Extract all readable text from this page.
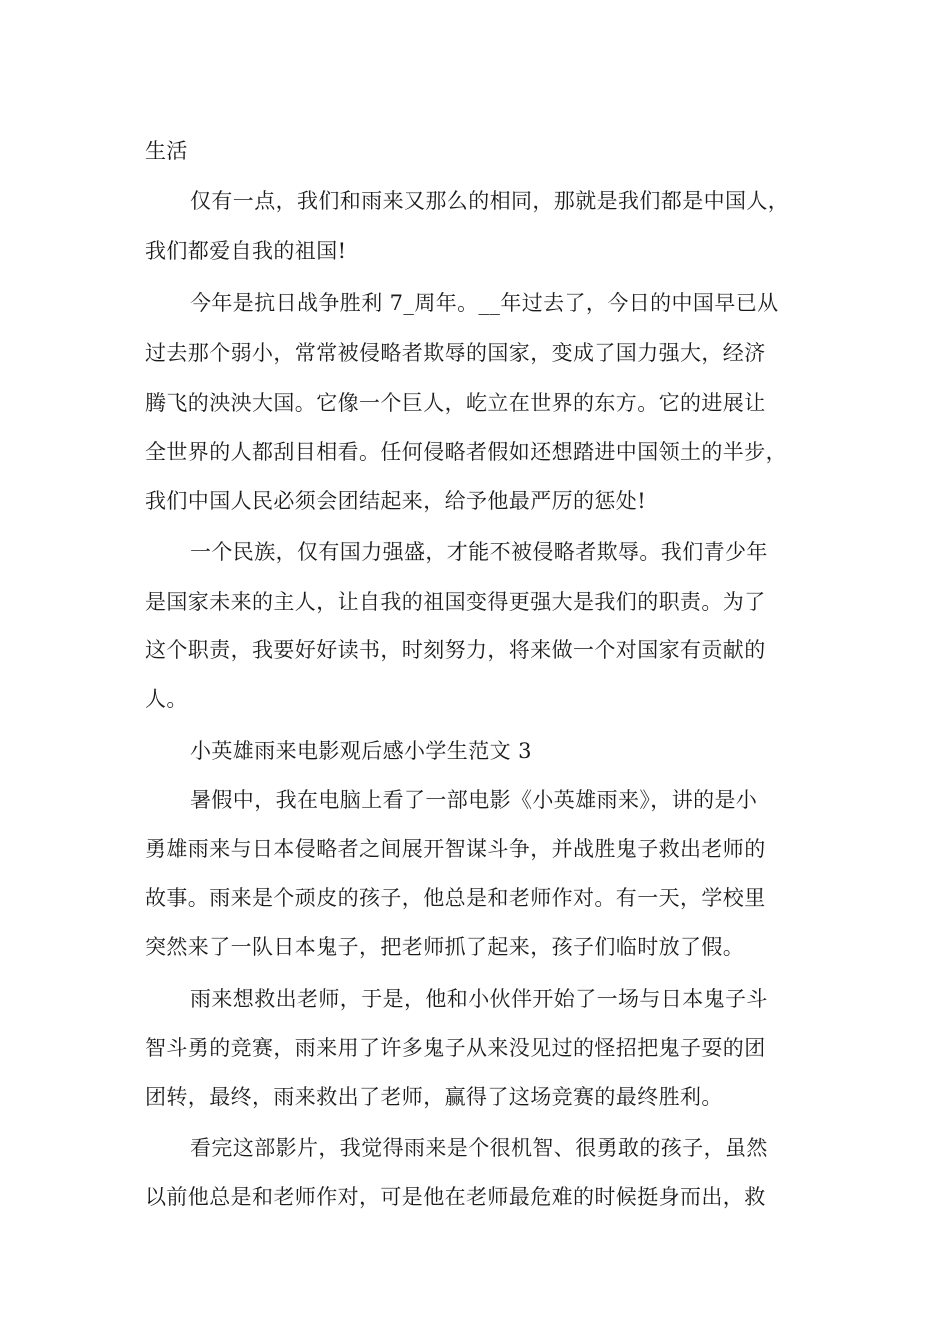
生活

仅有一点，我们和雨来又那么的相同，那就是我们都是中国人，

我们都爱自我的祖国!

今年是抗日战争胜利 7_周年。__年过去了，今日的中国早已从

过去那个弱小，常常被侵略者欺辱的国家，变成了国力强大，经济

腾飞的泱泱大国。它像一个巨人，屹立在世界的东方。它的进展让

全世界的人都刮目相看。任何侵略者假如还想踏进中国领土的半步，

我们中国人民必须会团结起来，给予他最严厉的惩处!

一个民族，仅有国力强盛，才能不被侵略者欺辱。我们青少年

是国家未来的主人，让自我的祖国变得更强大是我们的职责。为了

这个职责，我要好好读书，时刻努力，将来做一个对国家有贡献的

人。

小英雄雨来电影观后感小学生范文 3

暑假中，我在电脑上看了一部电影《小英雄雨来》，讲的是小

勇雄雨来与日本侵略者之间展开智谋斗争，并战胜鬼子救出老师的

故事。雨来是个顽皮的孩子，他总是和老师作对。有一天，学校里

突然来了一队日本鬼子，把老师抓了起来，孩子们临时放了假。

雨来想救出老师，于是，他和小伙伴开始了一场与日本鬼子斗

智斗勇的竞赛，雨来用了许多鬼子从来没见过的怪招把鬼子耍的团

团转，最终，雨来救出了老师，赢得了这场竞赛的最终胜利。

看完这部影片，我觉得雨来是个很机智、很勇敢的孩子，虽然

以前他总是和老师作对，可是他在老师最危难的时候挺身而出，救
